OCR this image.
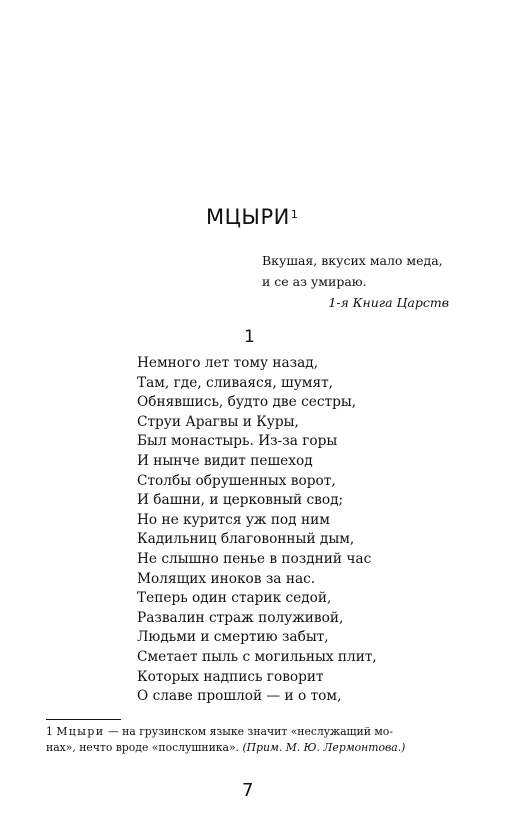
МЦЫРИ$^1$
Вкушая, вкусих мало меда,
и се аз умираю.
1-я Книга Царств
1
Немного лет тому назад,
Там, где, сливаяся, шумят,
Обнявшись, будто две сестры,
Струи Арагвы и Куры,
Был монастырь. Из-за горы
И нынче видит пешеход
Столбы обрушенных ворот,
И башни, и церковный свод;
Но не курится уж под ним
Кадильниц благовонный дым,
Не слышно пенье в поздний час
Молящих иноков за нас.
Теперь один старик седой,
Развалин страж полуживой,
Людьми и смертию забыт,
Сметает пыль с могильных плит,
Которых надпись говорит
О славе прошлой — и о том,
1 Мцыри — на грузинском языке значит «неслужащий мо-
нах», нечто вроде «послушника». (Прим. М. Ю. Лермонтова.)
7
